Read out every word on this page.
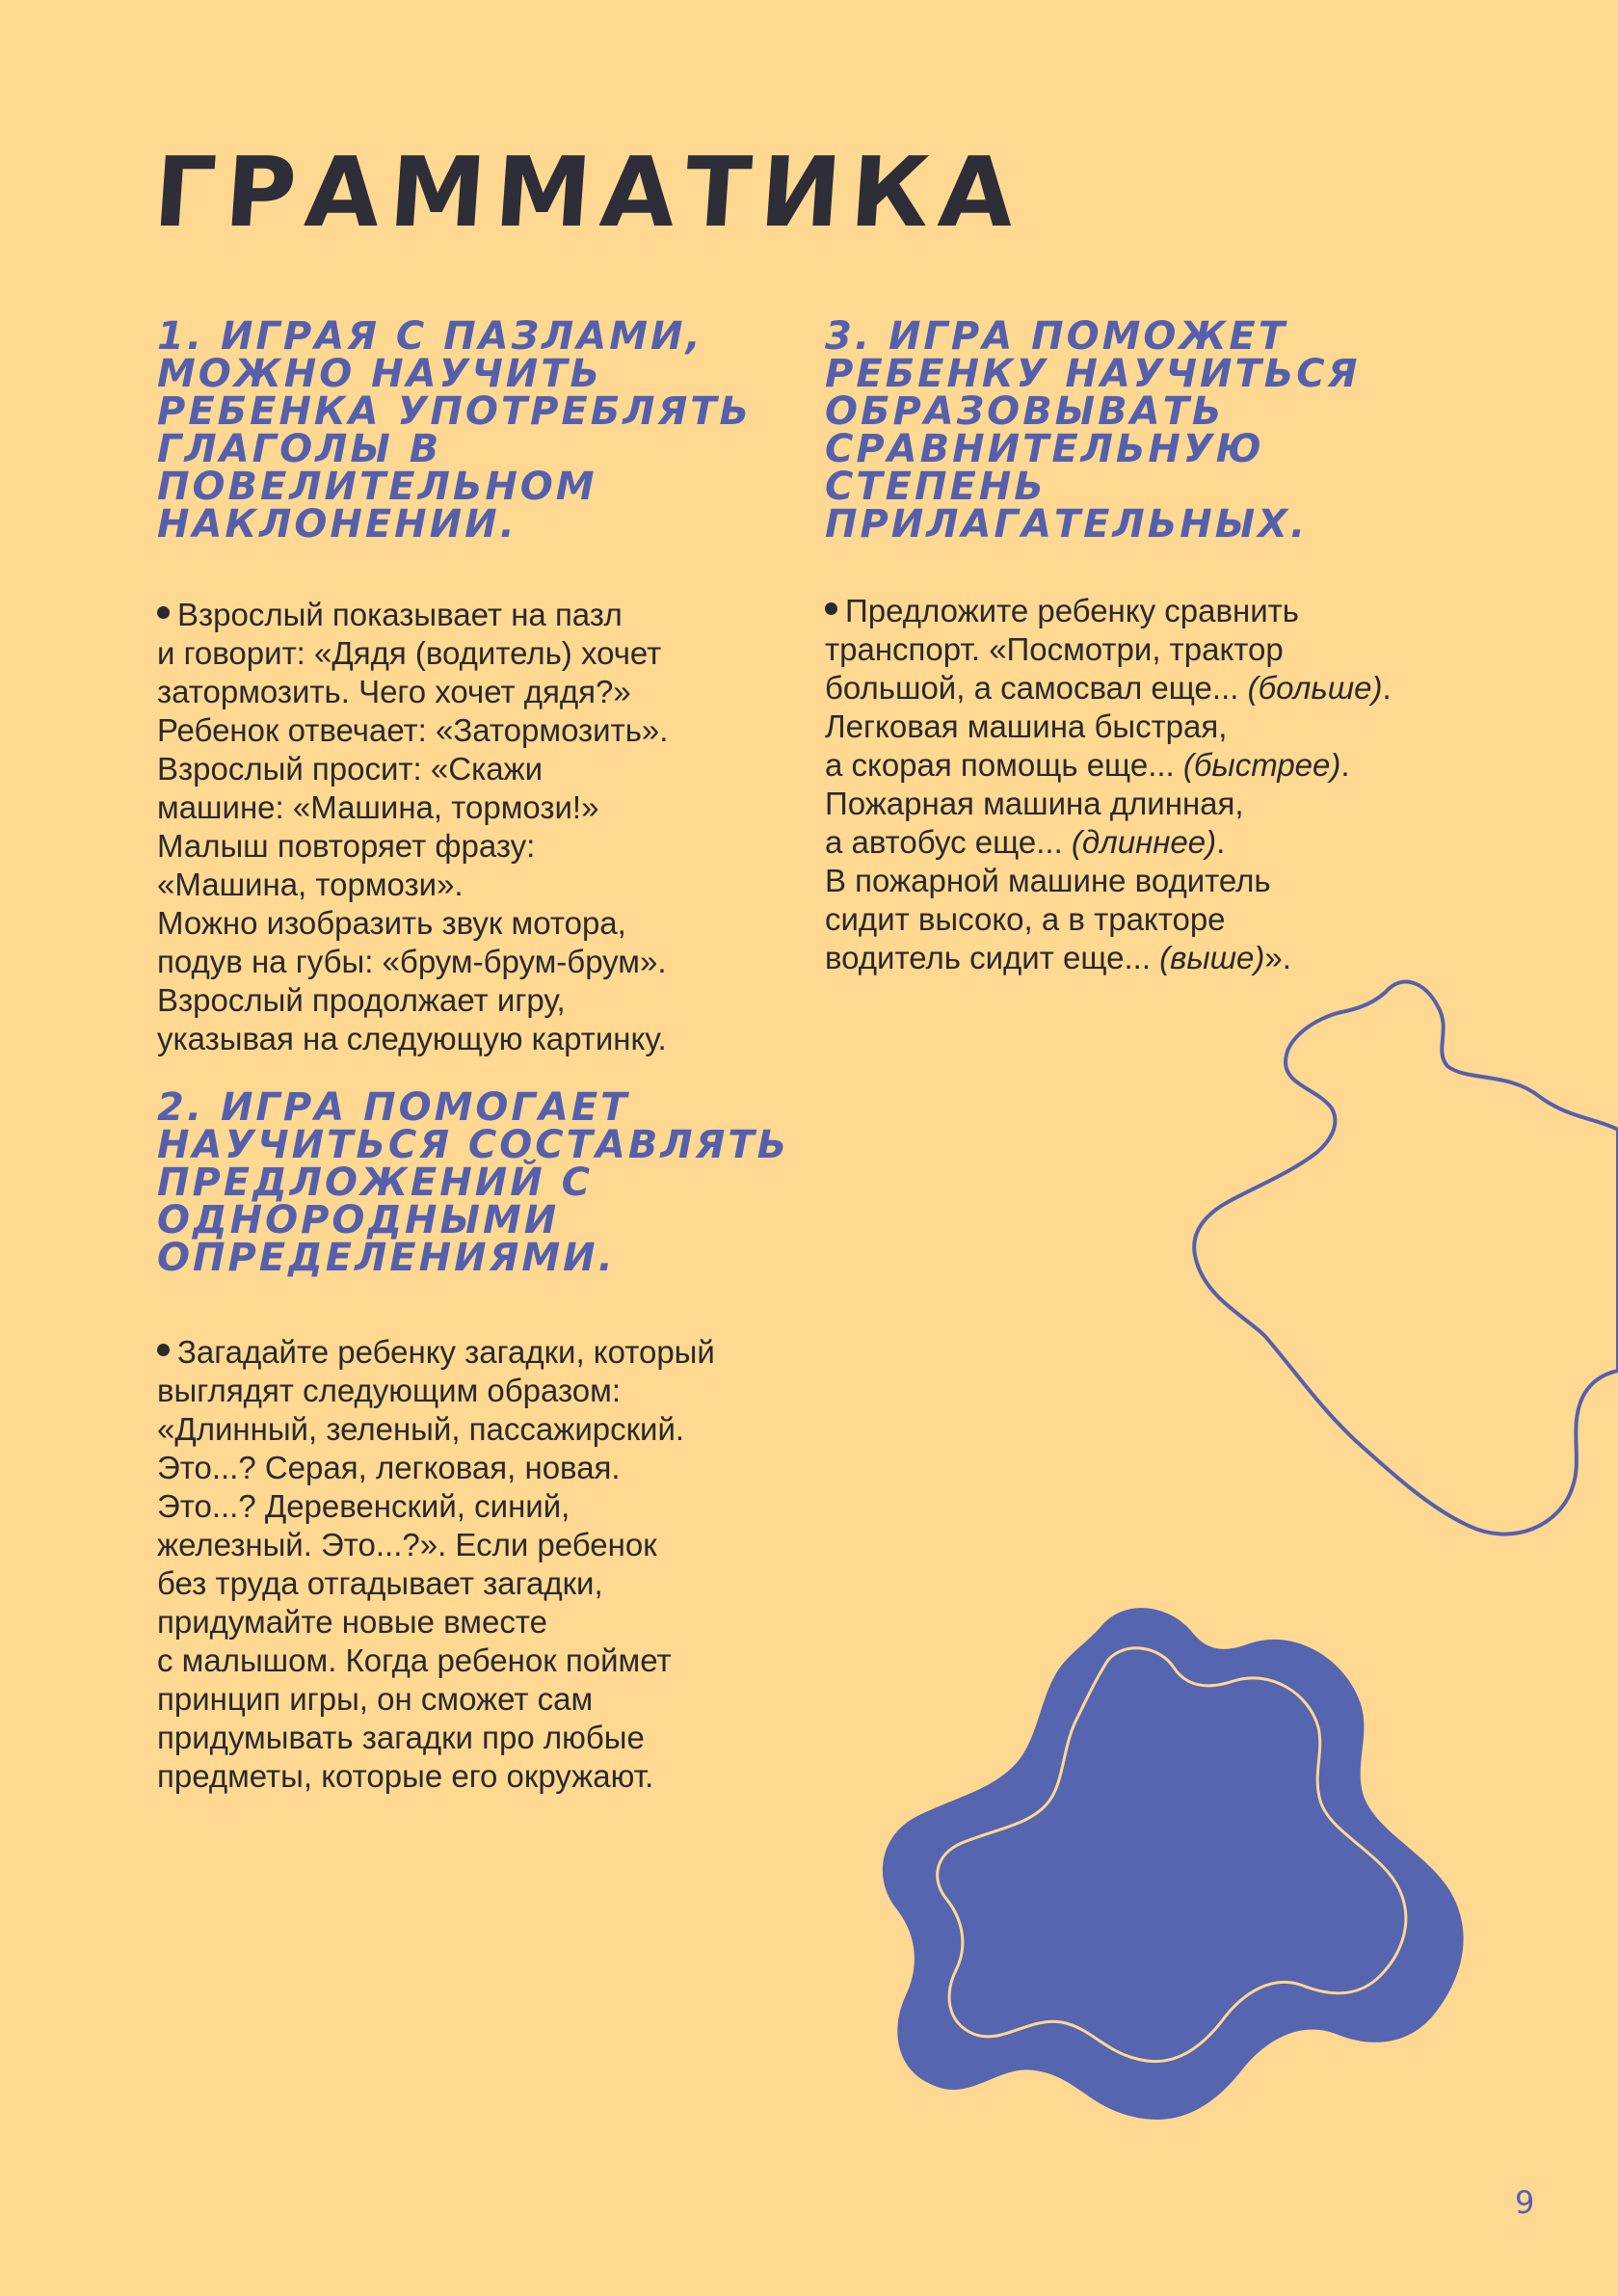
ГРАММАТИКА
1. ИГРАЯ С ПАЗЛАМИ, МОЖНО НАУЧИТЬ РЕБЕНКА УПОТРЕБЛЯТЬ ГЛАГОЛЫ В ПОВЕЛИТЕЛЬНОМ НАКЛОНЕНИИ.

Взрослый показывает на пазл
и говорит: «Дядя (водитель) хочет
затормозить. Чего хочет дядя?»
Ребенок отвечает: «Затормозить».
Взрослый просит: «Скажи
машине: «Машина, тормози!»
Малыш повторяет фразу:
«Машина, тормози».
Можно изобразить звук мотора,
подув на губы: «брум-брум-брум».
Взрослый продолжает игру,
указывая на следующую картинку.

2. ИГРА ПОМОГАЕТ НАУЧИТЬСЯ СОСТАВЛЯТЬ ПРЕДЛОЖЕНИЙ С ОДНОРОДНЫМИ ОПРЕДЕЛЕНИЯМИ.

Загадайте ребенку загадки, который
выглядят следующим образом:
«Длинный, зеленый, пассажирский.
Это...? Серая, легковая, новая.
Это...? Деревенский, синий,
железный. Это...?». Если ребенок
без труда отгадывает загадки,
придумайте новые вместе
с малышом. Когда ребенок поймет
принцип игры, он сможет сам
придумывать загадки про любые
предметы, которые его окружают.

3. ИГРА ПОМОЖЕТ РЕБЕНКУ НАУЧИТЬСЯ ОБРАЗОВЫВАТЬ СРАВНИТЕЛЬНУЮ СТЕПЕНЬ ПРИЛАГАТЕЛЬНЫХ.

Предложите ребенку сравнить
транспорт. «Посмотри, трактор
большой, а самосвал еще... (больше).
Легковая машина быстрая,
а скорая помощь еще... (быстрее).
Пожарная машина длинная,
а автобус еще... (длиннее).
В пожарной машине водитель
сидит высоко, а в тракторе
водитель сидит еще... (выше)».

9
